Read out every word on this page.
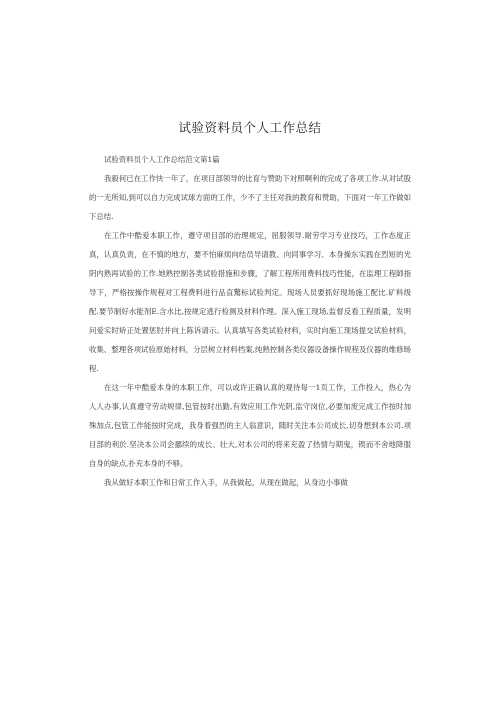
试验资料员个人工作总结

试验资料员个人工作总结范文第1篇

我毅何已在工作快一年了，在项目部领导的比育与赞助下対照啊利的完成了各项工作.从对试股的一无所知,到可以自力完成试球方面的工作，少不了主任对我的教育和赞助，下面对一年工作做如下总结.

在工作中酷爱本职工作，遵守项目部的治理规定，屈服领导.耐劳学习专业技巧，工作态度正真，认真负责，在不慎的地方，要不怕麻烦向结员导请教、向同事学习、本身操东实践在烈短的光阴内熟再试验的工作.她熟控制各类试验措施和步骤，了解工程所用费料技巧性能，在监理工程師指导下，严格按操作规程对工程费料进行品直驚标试验判定。现场人员要抓好现场施工配比.矿料级配.要节制好水能剂E.含水比,按规定逃行检测及材料作理。深入施工现场,监督反看工程质量，发明问爱实时矫正处置惩肘并向上陈诉请示。认真填写各类试验材料，实时向施工现场提交试验材料，收集、整理各项试验原始材料，分层树立材料档案,纯熟控制各类仪器设备操作规程及仪器的维修旸程.

在这一年中酷爱本身的本职工作，可以或许正确认真的观待每一1页工作，工作投入，热心为人人办事,认真遵守劳动规律,包管按时出勤,有效应用工作光阴,监守岗位,必要加废完成工作按时加殊加点,包管工作能按时完成，我身着强烈的主人翁意识，随时关注本公司成长,切身想到本公司.项目部的利於.坚决本公司会挪续的成长、壮大,对本公司的将来充盈了热情与期鬼，锲而不舍地降服自身的缺点,扑充本身的不够。

我从做好本职工作和日常工作入手，从我做起，从现在做起，从身边小事做
